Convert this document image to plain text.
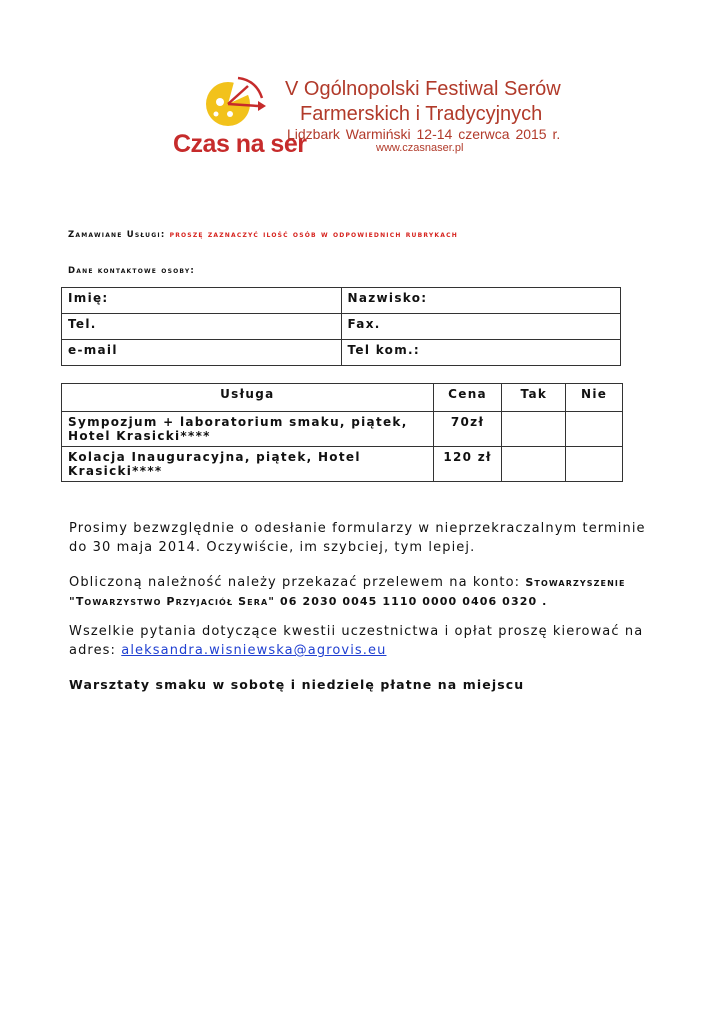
Czas na ser
V Ogólnopolski Festiwal Serów
Farmerskich i Tradycyjnych
Lidzbark Warmiński 12-14 czerwca 2015 r.
www.czasnaser.pl
Zamawiane Usługi: proszę zaznaczyć ilość osób w odpowiednich rubrykach
Dane kontaktowe osoby:
Imię:	Nazwisko:
Tel.	Fax.
e-mail	Tel kom.:
Usługa	Cena	Tak	Nie
Sympozjum + laboratorium smaku, piątek, Hotel Krasicki****	70zł		
Kolacja Inauguracyjna, piątek, Hotel Krasicki****	120 zł		
Prosimy bezwzględnie o odesłanie formularzy w nieprzekraczalnym terminie do 30 maja 2014. Oczywiście, im szybciej, tym lepiej.
Obliczoną należność należy przekazać przelewem na konto: Stowarzyszenie "Towarzystwo Przyjaciół Sera" 06 2030 0045 1110 0000 0406 0320 .
Wszelkie pytania dotyczące kwestii uczestnictwa i opłat proszę kierować na adres: aleksandra.wisniewska@agrovis.eu
Warsztaty smaku w sobotę i niedzielę płatne na miejscu
